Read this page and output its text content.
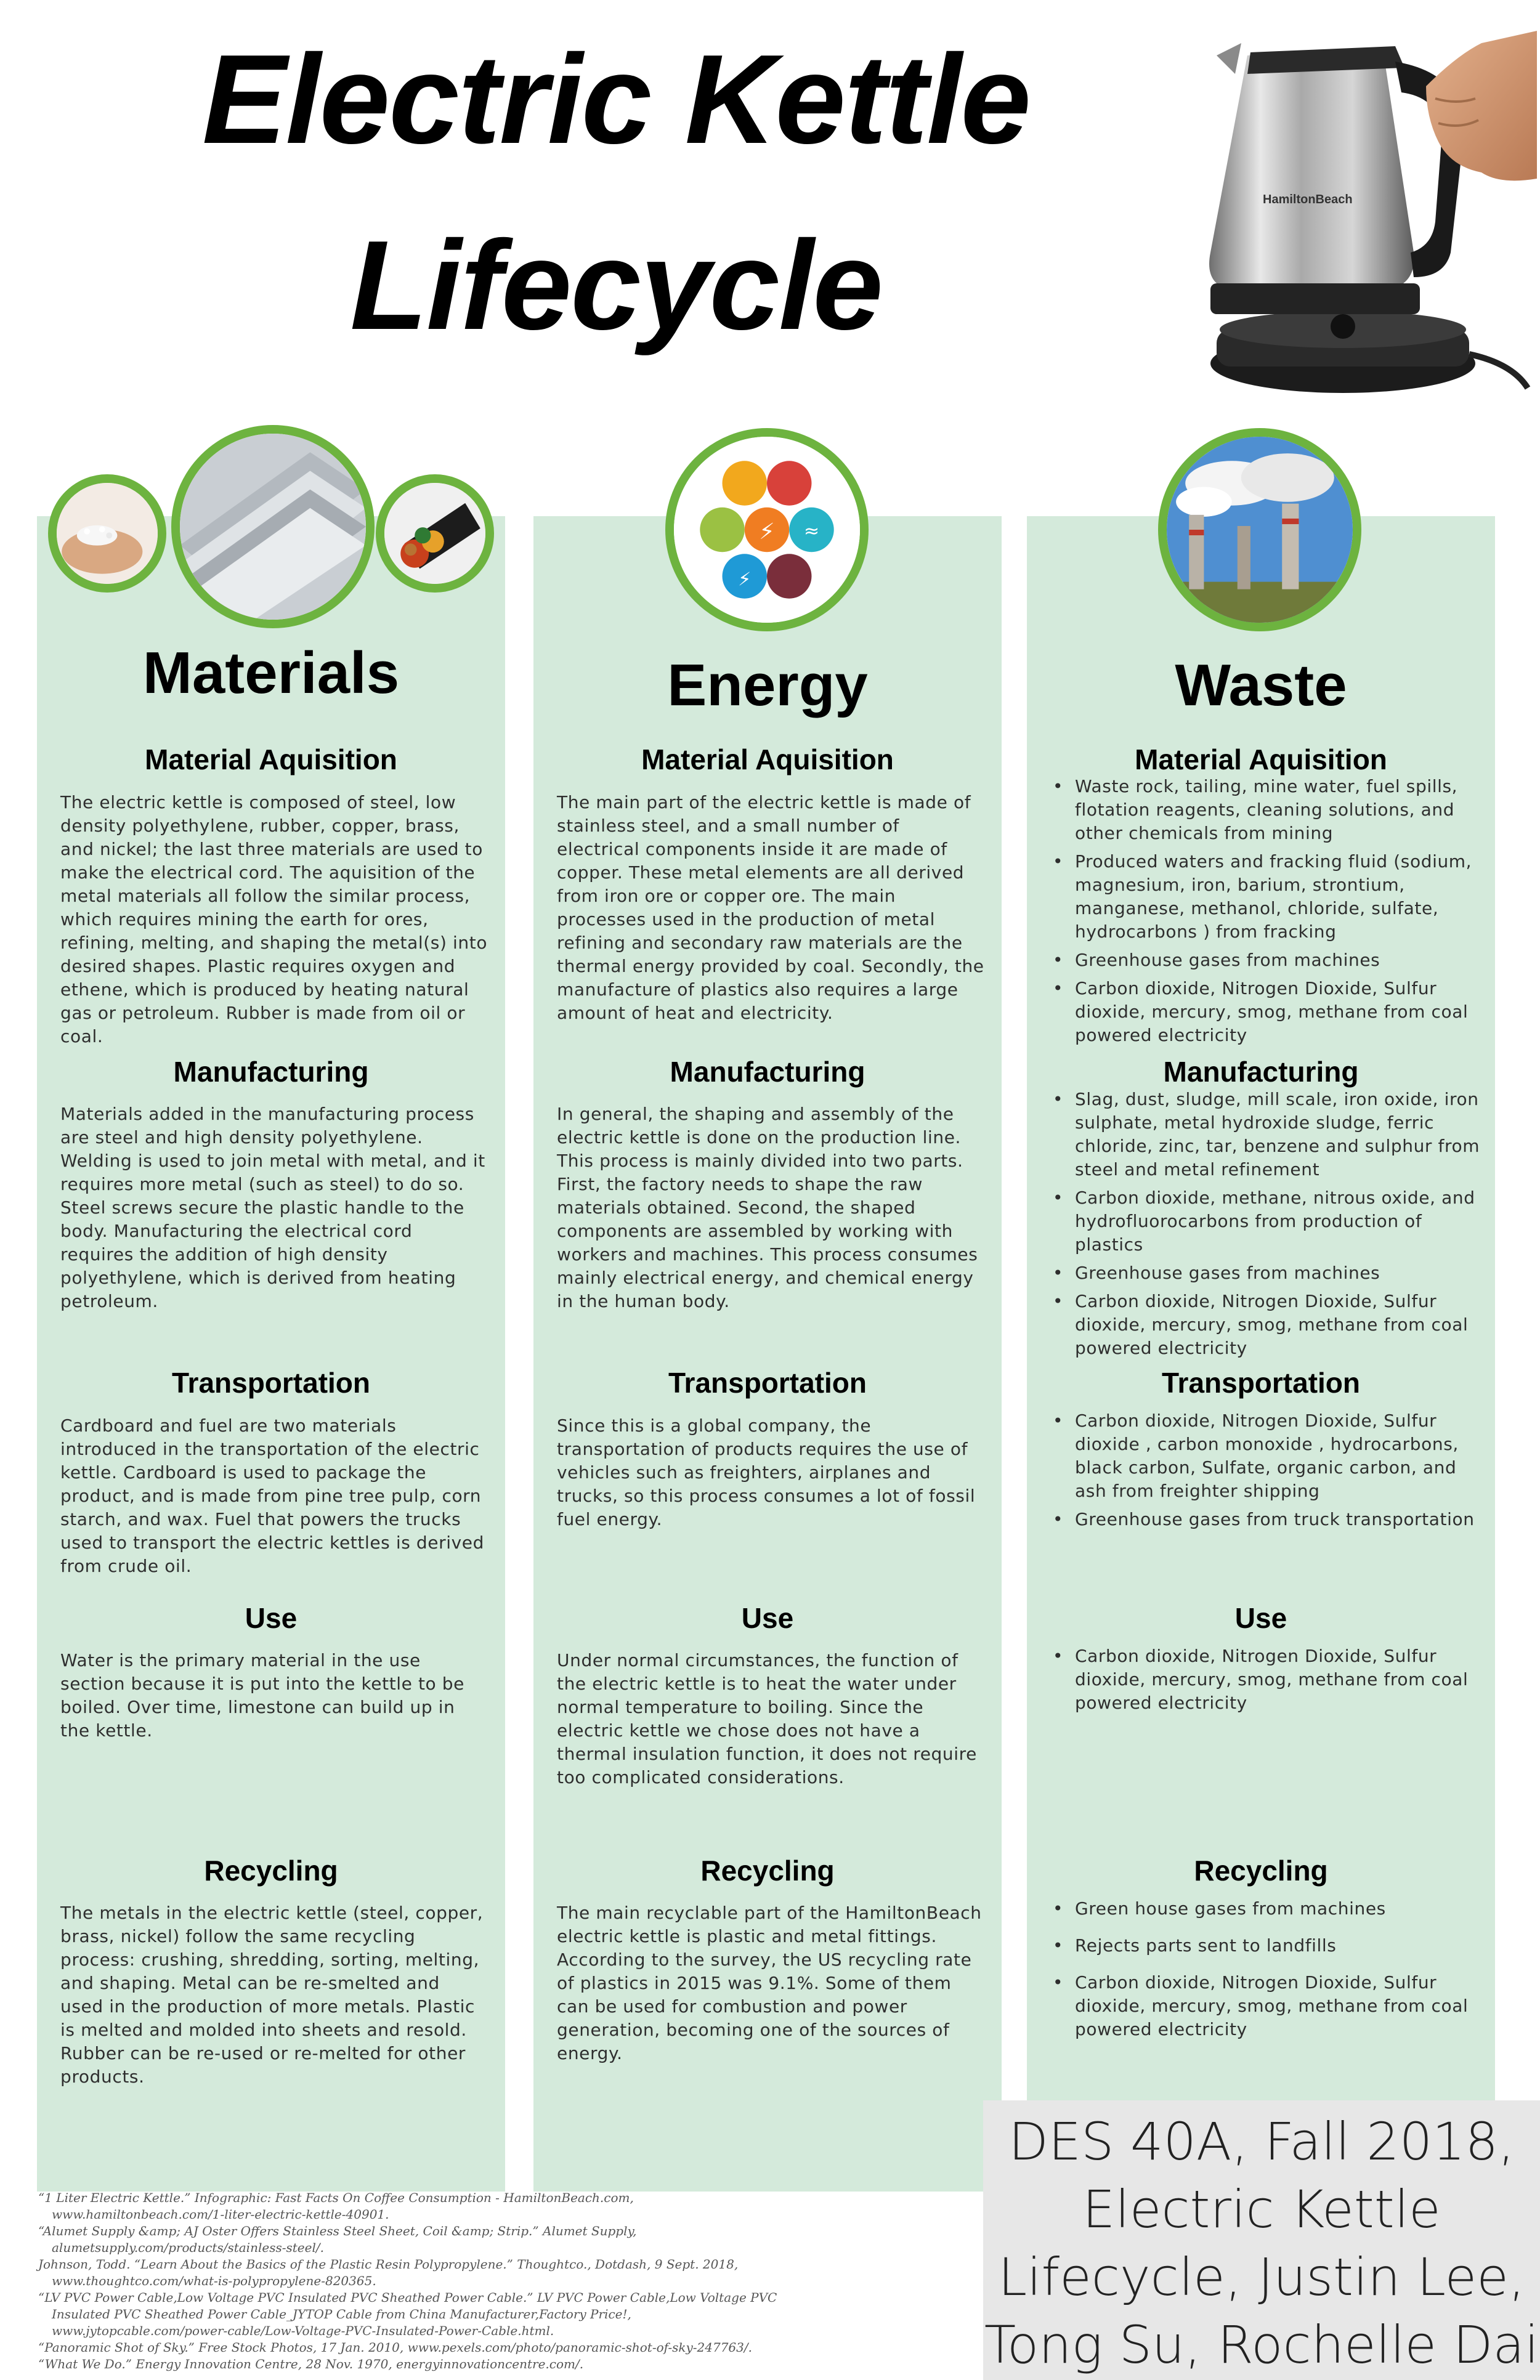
Electric Kettle
Lifecycle
HamiltonBeach
Materials
Material Aquisition

The electric kettle is composed of steel, low density polyethylene, rubber, copper, brass, and nickel; the last three materials are used to make the electrical cord. The aquisition of the metal materials all follow the similar process, which requires mining the earth for ores, refining, melting, and shaping the metal(s) into desired shapes. Plastic requires oxygen and ethene, which is produced by heating natural gas or petroleum. Rubber is made from oil or coal.

Manufacturing

Materials added in the manufacturing process are steel and high density polyethylene. Welding is used to join metal with metal, and it requires more metal (such as steel) to do so. Steel screws secure the plastic handle to the body. Manufacturing the electrical cord requires the addition of high density polyethylene, which is derived from heating petroleum.

Transportation

Cardboard and fuel are two materials introduced in the transportation of the electric kettle. Cardboard is used to package the product, and is made from pine tree pulp, corn starch, and wax. Fuel that powers the trucks used to transport the electric kettles is derived from crude oil.

Use

Water is the primary material in the use section because it is put into the kettle to be boiled. Over time, limestone can build up in the kettle.

Recycling

The metals in the electric kettle (steel, copper, brass, nickel) follow the same recycling process: crushing, shredding, sorting, melting, and shaping. Metal can be re-smelted and used in the production of more metals. Plastic is melted and molded into sheets and resold. Rubber can be re-used or re-melted for other products.

Energy
Material Aquisition

The main part of the electric kettle is made of stainless steel, and a small number of electrical components inside it are made of copper. These metal elements are all derived from iron ore or copper ore. The main processes used in the production of metal refining and secondary raw materials are the thermal energy provided by coal. Secondly, the manufacture of plastics also requires a large amount of heat and electricity.

Manufacturing

In general, the shaping and assembly of the electric kettle is done on the production line. This process is mainly divided into two parts. First, the factory needs to shape the raw materials obtained. Second, the shaped components are assembled by working with workers and machines. This process consumes mainly electrical energy, and chemical energy in the human body.

Transportation

Since this is a global company, the transportation of products requires the use of vehicles such as freighters, airplanes and trucks, so this process consumes a lot of fossil fuel energy.

Use

Under normal circumstances, the function of the electric kettle is to heat the water under normal temperature to boiling. Since the electric kettle we chose does not have a thermal insulation function, it does not require too complicated considerations.

Recycling

The main recyclable part of the HamiltonBeach electric kettle is plastic and metal fittings. According to the survey, the US recycling rate of plastics in 2015 was 9.1%. Some of them can be used for combustion and power generation, becoming one of the sources of energy.

⚡
⚡
≈
Waste
Material Aquisition
• Waste rock, tailing, mine water, fuel spills, flotation reagents, cleaning solutions, and other chemicals from mining
• Produced waters and fracking fluid (sodium, magnesium, iron, barium, strontium, manganese, methanol, chloride, sulfate, hydrocarbons ) from fracking
• Greenhouse gases from machines
• Carbon dioxide, Nitrogen Dioxide, Sulfur dioxide, mercury, smog, methane from coal powered electricity
Manufacturing
• Slag, dust, sludge, mill scale, iron oxide, iron sulphate, metal hydroxide sludge, ferric chloride, zinc, tar, benzene and sulphur from steel and metal refinement
• Carbon dioxide, methane, nitrous oxide, and hydrofluorocarbons from production of plastics
• Greenhouse gases from machines
• Carbon dioxide, Nitrogen Dioxide, Sulfur dioxide, mercury, smog, methane from coal powered electricity
Transportation
• Carbon dioxide, Nitrogen Dioxide, Sulfur dioxide , carbon monoxide , hydrocarbons, black carbon, Sulfate, organic carbon, and ash from freighter shipping
• Greenhouse gases from truck transportation
Use
• Carbon dioxide, Nitrogen Dioxide, Sulfur dioxide, mercury, smog, methane from coal powered electricity
Recycling
• Green house gases from machines
• Rejects parts sent to landfills
• Carbon dioxide, Nitrogen Dioxide, Sulfur dioxide, mercury, smog, methane from coal powered electricity
“1 Liter Electric Kettle.” Infographic: Fast Facts On Coffee Consumption - HamiltonBeach.com,
www.hamiltonbeach.com/1-liter-electric-kettle-40901.
“Alumet Supply &amp; AJ Oster Offers Stainless Steel Sheet, Coil &amp; Strip.” Alumet Supply,
alumetsupply.com/products/stainless-steel/.
Johnson, Todd. “Learn About the Basics of the Plastic Resin Polypropylene.” Thoughtco., Dotdash, 9 Sept. 2018,
www.thoughtco.com/what-is-polypropylene-820365.
“LV PVC Power Cable,Low Voltage PVC Insulated PVC Sheathed Power Cable.” LV PVC Power Cable,Low Voltage PVC
Insulated PVC Sheathed Power Cable_JYTOP Cable from China Manufacturer,Factory Price!,
www.jytopcable.com/power-cable/Low-Voltage-PVC-Insulated-Power-Cable.html.
“Panoramic Shot of Sky.” Free Stock Photos, 17 Jan. 2010, www.pexels.com/photo/panoramic-shot-of-sky-247763/.
“What We Do.” Energy Innovation Centre, 28 Nov. 1970, energyinnovationcentre.com/.
DES 40A, Fall 2018,
Electric Kettle
Lifecycle, Justin Lee,
Tong Su, Rochelle Dai
